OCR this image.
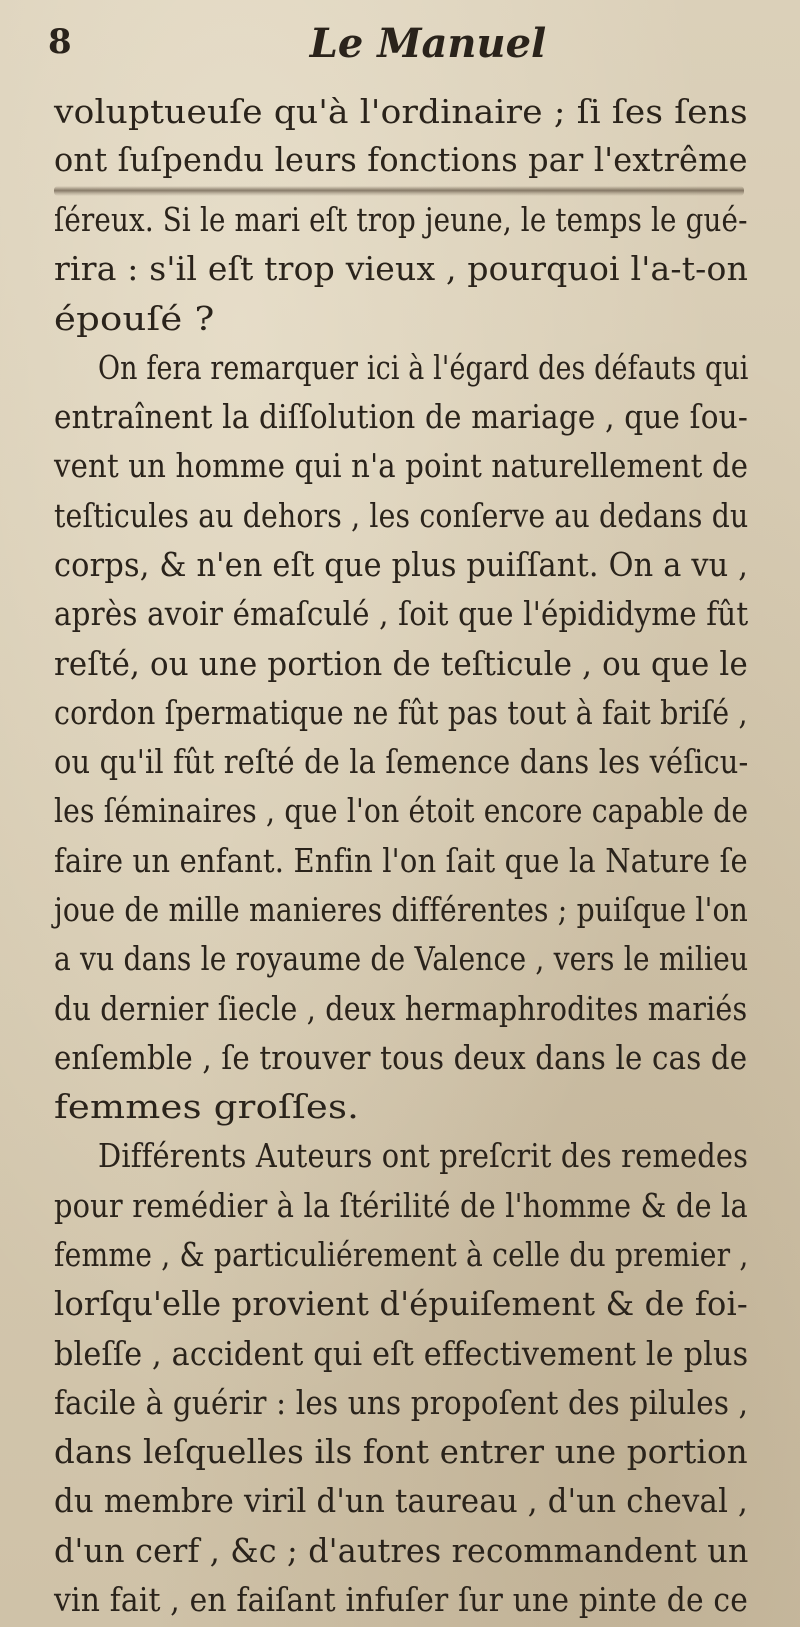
8	Le Manuel
voluptueuſe qu'à l'ordinaire ; ſi ſes ſens
ont ſuſpendu leurs fonctions par l'extrême
ſéreux. Si le mari eſt trop jeune, le temps le gué-
rira : s'il eſt trop vieux , pourquoi l'a-t-on
épouſé ?
On fera remarquer ici à l'égard des défauts qui
entraînent la diſſolution de mariage , que ſou-
vent un homme qui n'a point naturellement de
teſticules au dehors , les conſerve au dedans du
corps, & n'en eſt que plus puiſſant. On a vu ,
après avoir émaſculé , ſoit que l'épididyme fût
reſté, ou une portion de teſticule , ou que le
cordon ſpermatique ne fût pas tout à fait briſé ,
ou qu'il fût reſté de la ſemence dans les véſicu-
les ſéminaires , que l'on étoit encore capable de
faire un enfant. Enfin l'on ſait que la Nature ſe
joue de mille manieres différentes ; puiſque l'on
a vu dans le royaume de Valence , vers le milieu
du dernier ſiecle , deux hermaphrodites mariés
enſemble , ſe trouver tous deux dans le cas de
femmes groſſes.
Différents Auteurs ont preſcrit des remedes
pour remédier à la ſtérilité de l'homme & de la
femme , & particuliérement à celle du premier ,
lorſqu'elle provient d'épuiſement & de foi-
bleſſe , accident qui eſt effectivement le plus
facile à guérir : les uns propoſent des pilules ,
dans leſquelles ils font entrer une portion
du membre viril d'un taureau , d'un cheval ,
d'un cerf , &c ; d'autres recommandent un
vin fait , en faiſant infuſer ſur une pinte de ce
